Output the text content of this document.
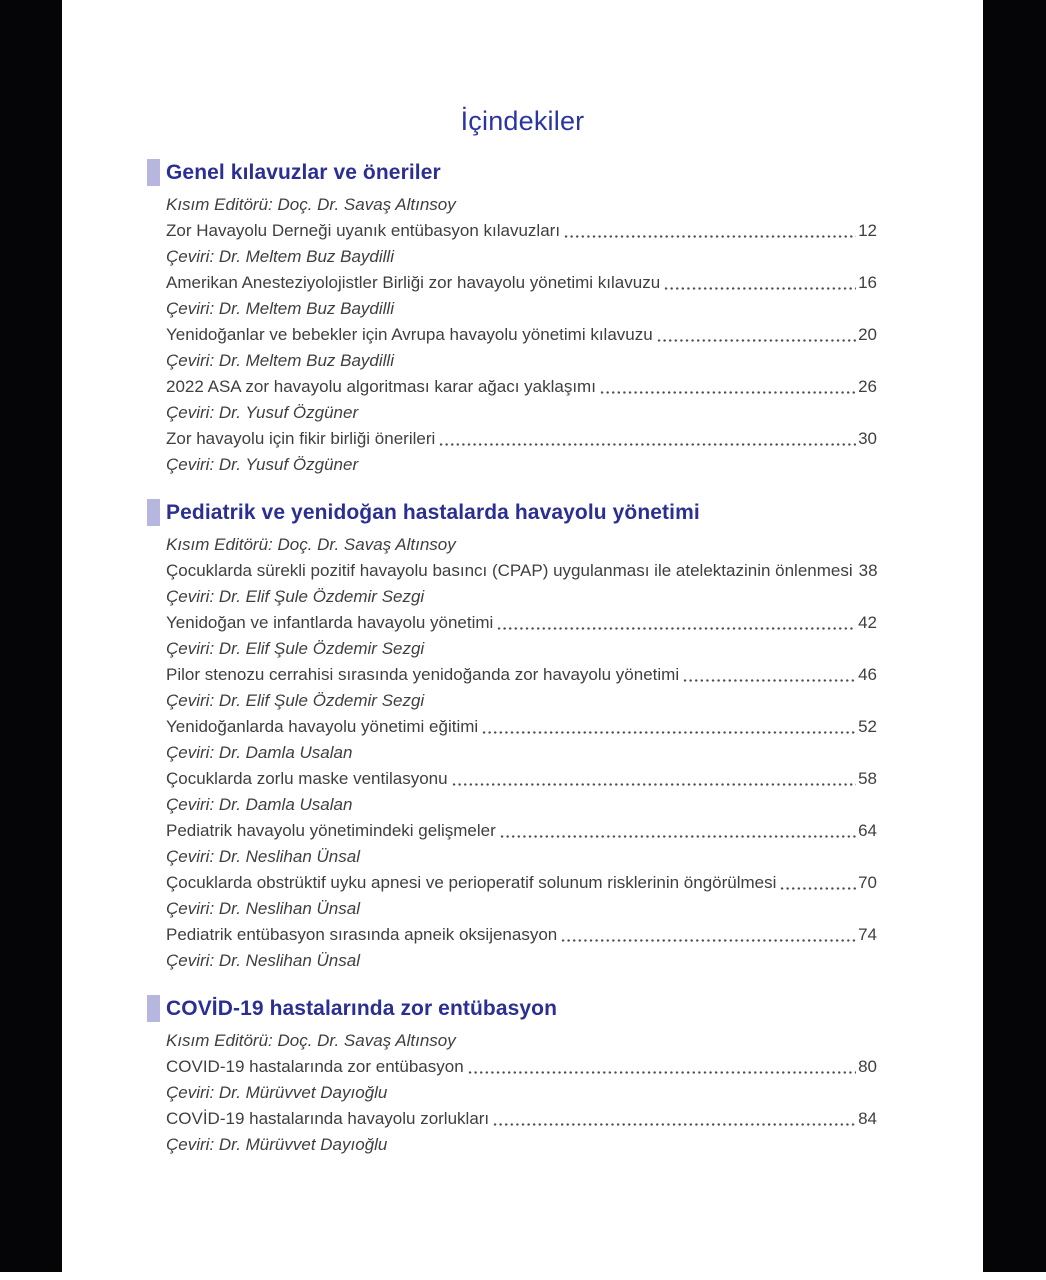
İçindekiler
Genel kılavuzlar ve öneriler
Kısım Editörü: Doç. Dr. Savaş Altınsoy
Zor Havayolu Derneği uyanık entübasyon kılavuzları	12
Çeviri: Dr. Meltem Buz Baydilli
Amerikan Anesteziyolojistler Birliği zor havayolu yönetimi kılavuzu	16
Çeviri: Dr. Meltem Buz Baydilli
Yenidoğanlar ve bebekler için Avrupa havayolu yönetimi kılavuzu	20
Çeviri: Dr. Meltem Buz Baydilli
2022 ASA zor havayolu algoritması karar ağacı yaklaşımı	26
Çeviri: Dr. Yusuf Özgüner
Zor havayolu için fikir birliği önerileri	30
Çeviri: Dr. Yusuf Özgüner
Pediatrik ve yenidoğan hastalarda havayolu yönetimi
Kısım Editörü: Doç. Dr. Savaş Altınsoy
Çocuklarda sürekli pozitif havayolu basıncı (CPAP) uygulanması ile atelektazinin önlenmesi 38
Çeviri: Dr. Elif Şule Özdemir Sezgi
Yenidoğan ve infantlarda havayolu yönetimi	42
Çeviri: Dr. Elif Şule Özdemir Sezgi
Pilor stenozu cerrahisi sırasında yenidoğanda zor havayolu yönetimi	46
Çeviri: Dr. Elif Şule Özdemir Sezgi
Yenidoğanlarda havayolu yönetimi eğitimi	52
Çeviri: Dr. Damla Usalan
Çocuklarda zorlu maske ventilasyonu	58
Çeviri: Dr. Damla Usalan
Pediatrik havayolu yönetimindeki gelişmeler	64
Çeviri: Dr. Neslihan Ünsal
Çocuklarda obstrüktif uyku apnesi ve perioperatif solunum risklerinin öngörülmesi	70
Çeviri: Dr. Neslihan Ünsal
Pediatrik entübasyon sırasında apneik oksijenasyon	74
Çeviri: Dr. Neslihan Ünsal
COVİD-19 hastalarında zor entübasyon
Kısım Editörü: Doç. Dr. Savaş Altınsoy
COVID-19 hastalarında zor entübasyon	80
Çeviri: Dr. Mürüvvet Dayıoğlu
COVİD-19 hastalarında havayolu zorlukları	84
Çeviri: Dr. Mürüvvet Dayıoğlu
